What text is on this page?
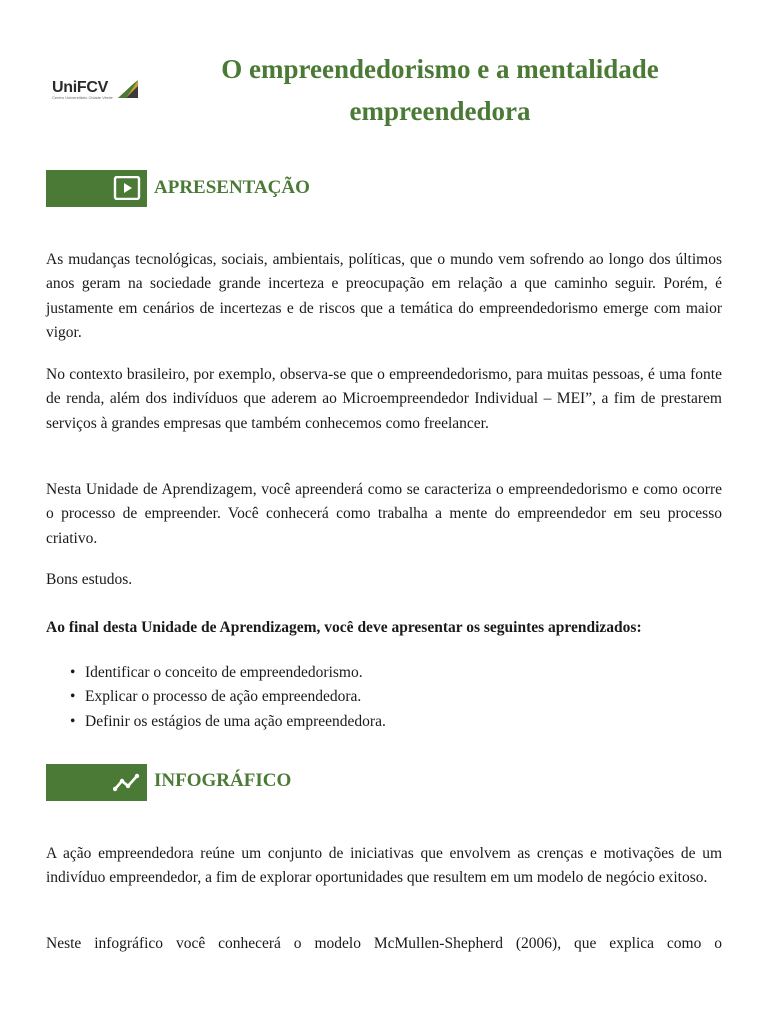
UniFCV
Centro Universitário Cidade Verde
O empreendedorismo e a mentalidade
empreendedora
APRESENTAÇÃO

As mudanças tecnológicas, sociais, ambientais, políticas, que o mundo vem sofrendo ao longo dos últimos anos geram na sociedade grande incerteza e preocupação em relação a que caminho seguir. Porém, é justamente em cenários de incertezas e de riscos que a temática do empreendedorismo emerge com maior vigor.

No contexto brasileiro, por exemplo, observa-se que o empreendedorismo, para muitas pessoas, é uma fonte de renda, além dos indivíduos que aderem ao Microempreendedor Individual – MEI”, a fim de prestarem serviços à grandes empresas que também conhecemos como freelancer.

Nesta Unidade de Aprendizagem, você apreenderá como se caracteriza o empreendedorismo e como ocorre o processo de empreender. Você conhecerá como trabalha a mente do empreendedor em seu processo criativo.

Bons estudos.

Ao final desta Unidade de Aprendizagem, você deve apresentar os seguintes aprendizados:

• Identificar o conceito de empreendedorismo.
• Explicar o processo de ação empreendedora.
• Definir os estágios de uma ação empreendedora.
INFOGRÁFICO

A ação empreendedora reúne um conjunto de iniciativas que envolvem as crenças e motivações de um indivíduo empreendedor, a fim de explorar oportunidades que resultem em um modelo de negócio exitoso.

Neste infográfico você conhecerá o modelo McMullen-Shepherd (2006), que explica como o
